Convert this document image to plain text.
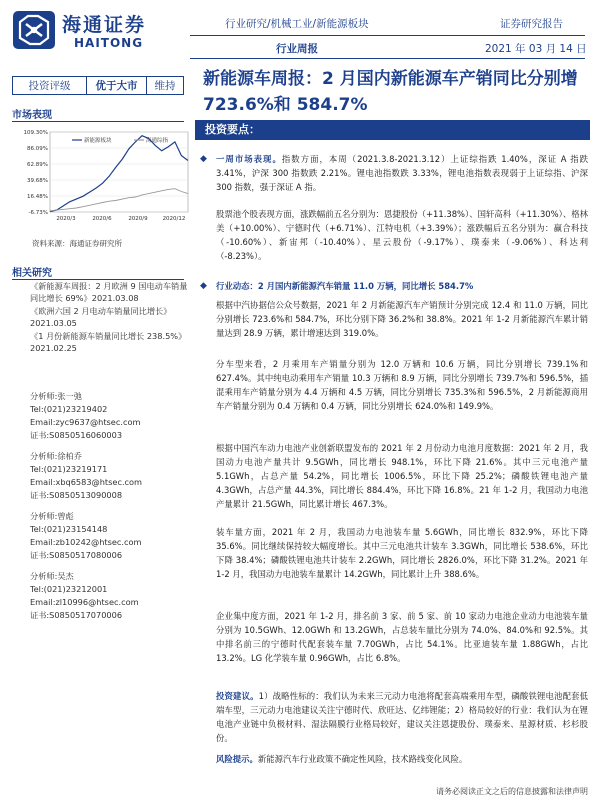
海通证券
HAITONG
行业研究/机械工业/新能源板块	证券研究报告
行业周报	2021 年 03 月 14 日
投资评级	优于大市	维持
市场表现
-6.73%
16.48%
39.68%
62.89%
86.09%
109.30%
2020/3	2020/6	2020/9	2020/12
新能源板块	海通综指
资料来源：海通证券研究所
相关研究
《新能源车周报：2 月欧洲 9 国电动车销量同比增长 69%》2021.03.08
《欧洲六国 2 月电动车销量同比增长》2021.03.05
《1 月份新能源车销量同比增长 238.5%》2021.02.25
分析师:张一弛
Tel:(021)23219402
Email:zyc9637@htsec.com
证书:S0850516060003
分析师:徐柏乔
Tel:(021)23219171
Email:xbq6583@htsec.com
证书:S0850513090008
分析师:曾彪
Tel:(021)23154148
Email:zb10242@htsec.com
证书:S0850517080006
分析师:吴杰
Tel:(021)23212001
Email:zl10996@htsec.com
证书:S0850517070006
新能源车周报：2 月国内新能源车产销同比分别增 723.6%和 584.7%
投资要点：
◆ 一周市场表现。指数方面，本周（2021.3.8-2021.3.12）上证综指跌 1.40%，深证 A 指跌 3.41%，沪深 300 指数跌 2.21%。锂电池指数跌 3.33%，锂电池指数表现弱于上证综指、沪深 300 指数，强于深证 A 指。
股票池个股表现方面，涨跌幅前五名分别为：恩捷股份（+11.38%）、国轩高科（+11.30%）、格林美（+10.00%）、宁德时代（+6.71%）、江特电机（+3.39%）；涨跌幅后五名分别为：赢合科技（-10.60%）、新宙邦（-10.40%）、星云股份（-9.17%）、璞泰来（-9.06%）、科达利（-8.23%）。
◆ 行业动态：2 月国内新能源汽车销量 11.0 万辆，同比增长 584.7%
根据中汽协据信公众号数据，2021 年 2 月新能源汽车产销预计分别完成 12.4 和 11.0 万辆，同比分别增长 723.6%和 584.7%，环比分别下降 36.2%和 38.8%。2021 年 1-2 月新能源汽车累计销量达到 28.9 万辆，累计增速达到 319.0%。
分车型来看，2 月乘用车产销量分别为 12.0 万辆和 10.6 万辆，同比分别增长 739.1%和 627.4%。其中纯电动乘用车产销量 10.3 万辆和 8.9 万辆，同比分别增长 739.7%和 596.5%，插混乘用车产销量分别为 4.4 万辆和 4.5 万辆，同比分别增长 735.3%和 596.5%，2 月新能源商用车产销量分别为 0.4 万辆和 0.4 万辆，同比分别增长 624.0%和 149.9%。
根据中国汽车动力电池产业创新联盟发布的 2021 年 2 月份动力电池月度数据：2021 年 2 月，我国动力电池产量共计 9.5GWh，同比增长 948.1%，环比下降 21.6%。其中三元电池产量 5.1GWh，占总产量 54.2%，同比增长 1006.5%，环比下降 25.2%；磷酸铁锂电池产量 4.3GWh，占总产量 44.3%，同比增长 884.4%，环比下降 16.8%。21 年 1-2 月，我国动力电池产量累计 21.5GWh，同比累计增长 467.3%。
装车量方面，2021 年 2 月，我国动力电池装车量 5.6GWh，同比增长 832.9%，环比下降 35.6%。同比继续保持较大幅度增长。其中三元电池共计装车 3.3GWh，同比增长 538.6%，环比下降 38.4%；磷酸铁锂电池共计装车 2.2GWh，同比增长 2826.0%，环比下降 31.2%。2021 年 1-2 月，我国动力电池装车量累计 14.2GWh，同比累计上升 388.6%。
企业集中度方面，2021 年 1-2 月，排名前 3 家、前 5 家、前 10 家动力电池企业动力电池装车量分别为 10.5GWh、12.0GWh 和 13.2GWh，占总装车量比分别为 74.0%、84.0%和 92.5%。其中排名前三的宁德时代配套装车量 7.70GWh，占比 54.1%。比亚迪装车量 1.88GWh，占比 13.2%。LG 化学装车量 0.96GWh，占比 6.8%。
投资建议。1）战略性标的：我们认为未来三元动力电池将配套高端乘用车型，磷酸铁锂电池配套低端车型，三元动力电池建议关注宁德时代、欣旺达、亿纬锂能；2）格局较好的行业：我们认为在锂电池产业链中负极材料、湿法隔膜行业格局较好，建议关注恩捷股份、璞泰来、星源材质、杉杉股份。
风险提示。新能源汽车行业政策不确定性风险，技术路线变化风险。
请务必阅读正文之后的信息披露和法律声明
